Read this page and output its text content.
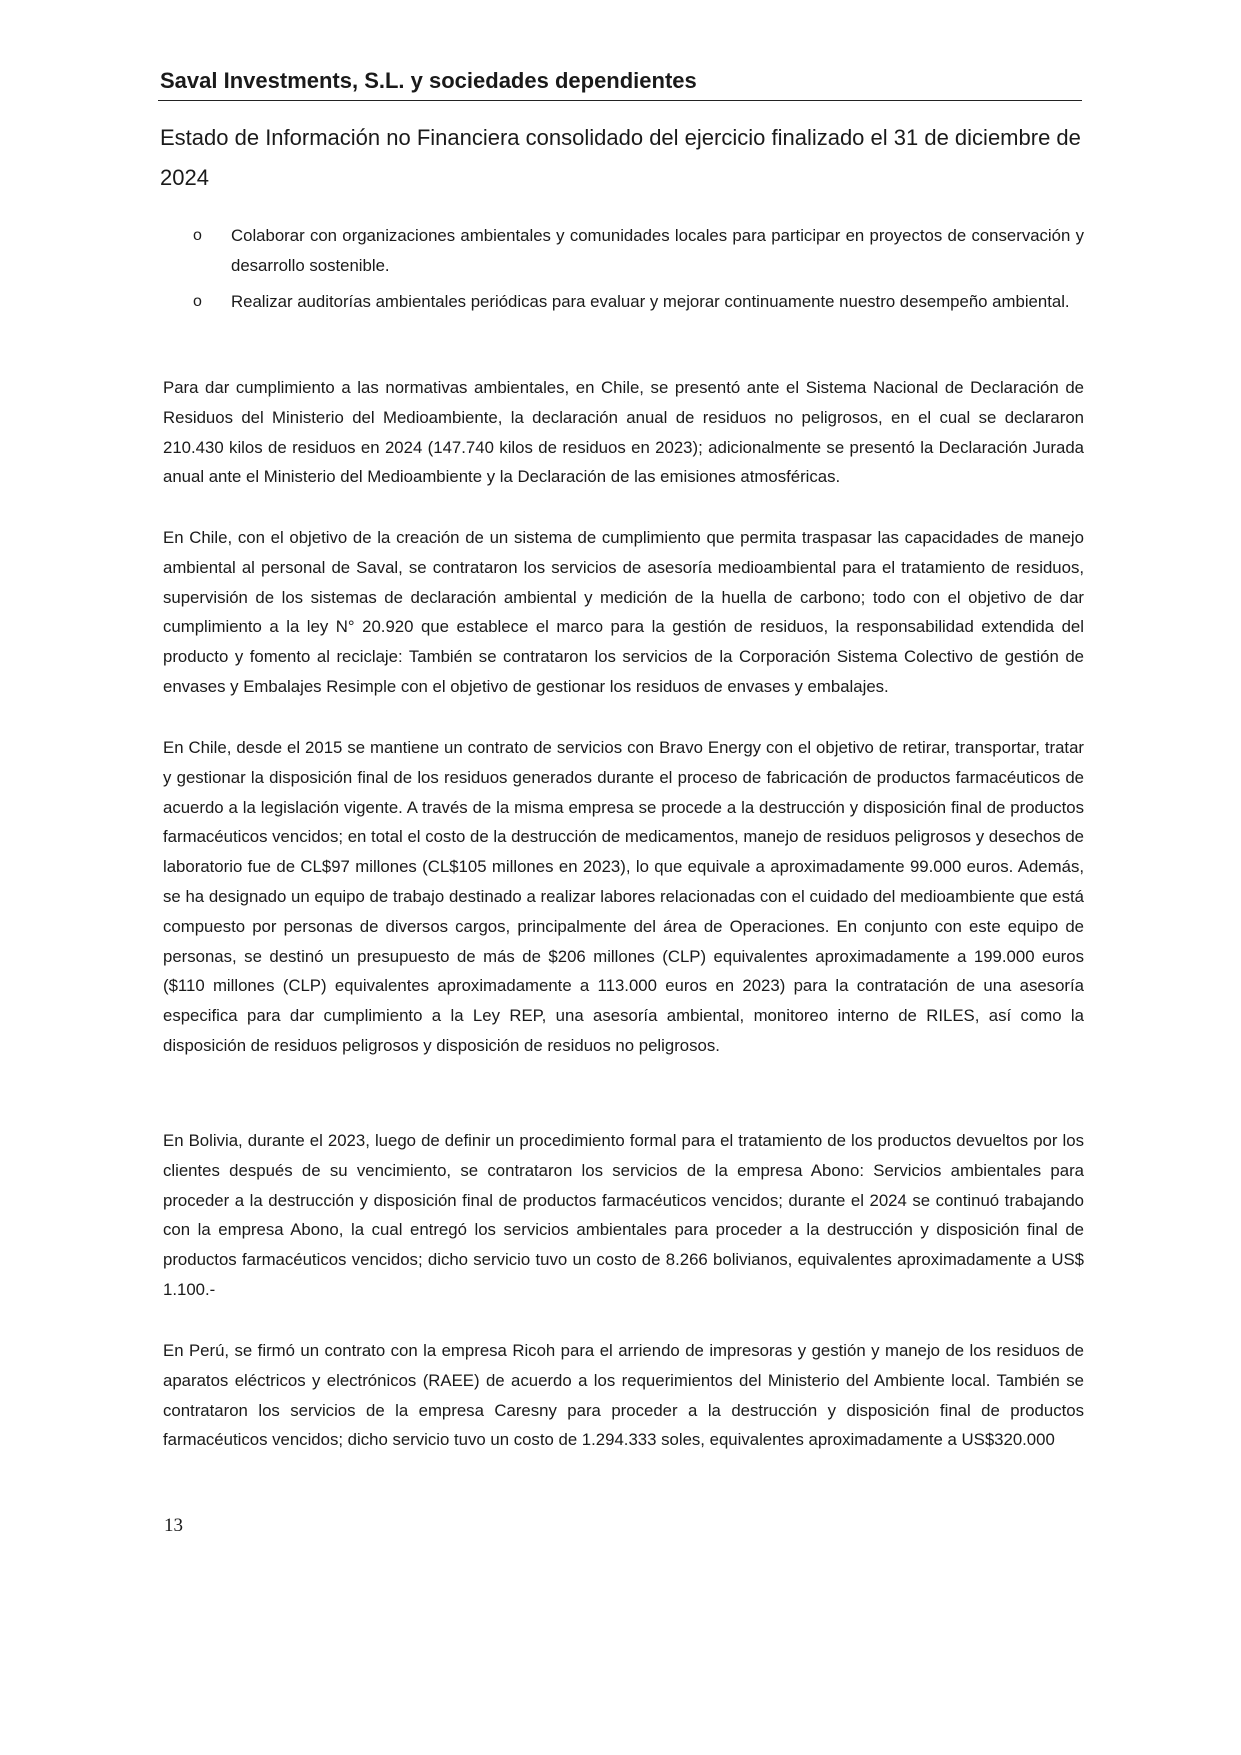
Saval Investments, S.L. y sociedades dependientes
Estado de Información no Financiera consolidado del ejercicio finalizado el 31 de diciembre de 2024
o Colaborar con organizaciones ambientales y comunidades locales para participar en proyectos de conservación y desarrollo sostenible.
o Realizar auditorías ambientales periódicas para evaluar y mejorar continuamente nuestro desempeño ambiental.

Para dar cumplimiento a las normativas ambientales, en Chile, se presentó ante el Sistema Nacional de Declaración de Residuos del Ministerio del Medioambiente, la declaración anual de residuos no peligrosos, en el cual se declararon 210.430 kilos de residuos en 2024 (147.740 kilos de residuos en 2023); adicionalmente se presentó la Declaración Jurada anual ante el Ministerio del Medioambiente y la Declaración de las emisiones atmosféricas.

En Chile, con el objetivo de la creación de un sistema de cumplimiento que permita traspasar las capacidades de manejo ambiental al personal de Saval, se contrataron los servicios de asesoría medioambiental para el tratamiento de residuos, supervisión de los sistemas de declaración ambiental y medición de la huella de carbono; todo con el objetivo de dar cumplimiento a la ley N° 20.920 que establece el marco para la gestión de residuos, la responsabilidad extendida del producto y fomento al reciclaje: También se contrataron los servicios de la Corporación Sistema Colectivo de gestión de envases y Embalajes Resimple con el objetivo de gestionar los residuos de envases y embalajes.

En Chile, desde el 2015 se mantiene un contrato de servicios con Bravo Energy con el objetivo de retirar, transportar, tratar y gestionar la disposición final de los residuos generados durante el proceso de fabricación de productos farmacéuticos de acuerdo a la legislación vigente. A través de la misma empresa se procede a la destrucción y disposición final de productos farmacéuticos vencidos; en total el costo de la destrucción de medicamentos, manejo de residuos peligrosos y desechos de laboratorio fue de CL$97 millones (CL$105 millones en 2023), lo que equivale a aproximadamente 99.000 euros. Además, se ha designado un equipo de trabajo destinado a realizar labores relacionadas con el cuidado del medioambiente que está compuesto por personas de diversos cargos, principalmente del área de Operaciones. En conjunto con este equipo de personas, se destinó un presupuesto de más de $206 millones (CLP) equivalentes aproximadamente a 199.000 euros ($110 millones (CLP) equivalentes aproximadamente a 113.000 euros en 2023) para la contratación de una asesoría especifica para dar cumplimiento a la Ley REP, una asesoría ambiental, monitoreo interno de RILES, así como la disposición de residuos peligrosos y disposición de residuos no peligrosos.

En Bolivia, durante el 2023, luego de definir un procedimiento formal para el tratamiento de los productos devueltos por los clientes después de su vencimiento, se contrataron los servicios de la empresa Abono: Servicios ambientales para proceder a la destrucción y disposición final de productos farmacéuticos vencidos; durante el 2024 se continuó trabajando con la empresa Abono, la cual entregó los servicios ambientales para proceder a la destrucción y disposición final de productos farmacéuticos vencidos; dicho servicio tuvo un costo de 8.266 bolivianos, equivalentes aproximadamente a US$ 1.100.-

En Perú, se firmó un contrato con la empresa Ricoh para el arriendo de impresoras y gestión y manejo de los residuos de aparatos eléctricos y electrónicos (RAEE) de acuerdo a los requerimientos del Ministerio del Ambiente local. También se contrataron los servicios de la empresa Caresny para proceder a la destrucción y disposición final de productos farmacéuticos vencidos; dicho servicio tuvo un costo de 1.294.333 soles, equivalentes aproximadamente a US$320.000

13
